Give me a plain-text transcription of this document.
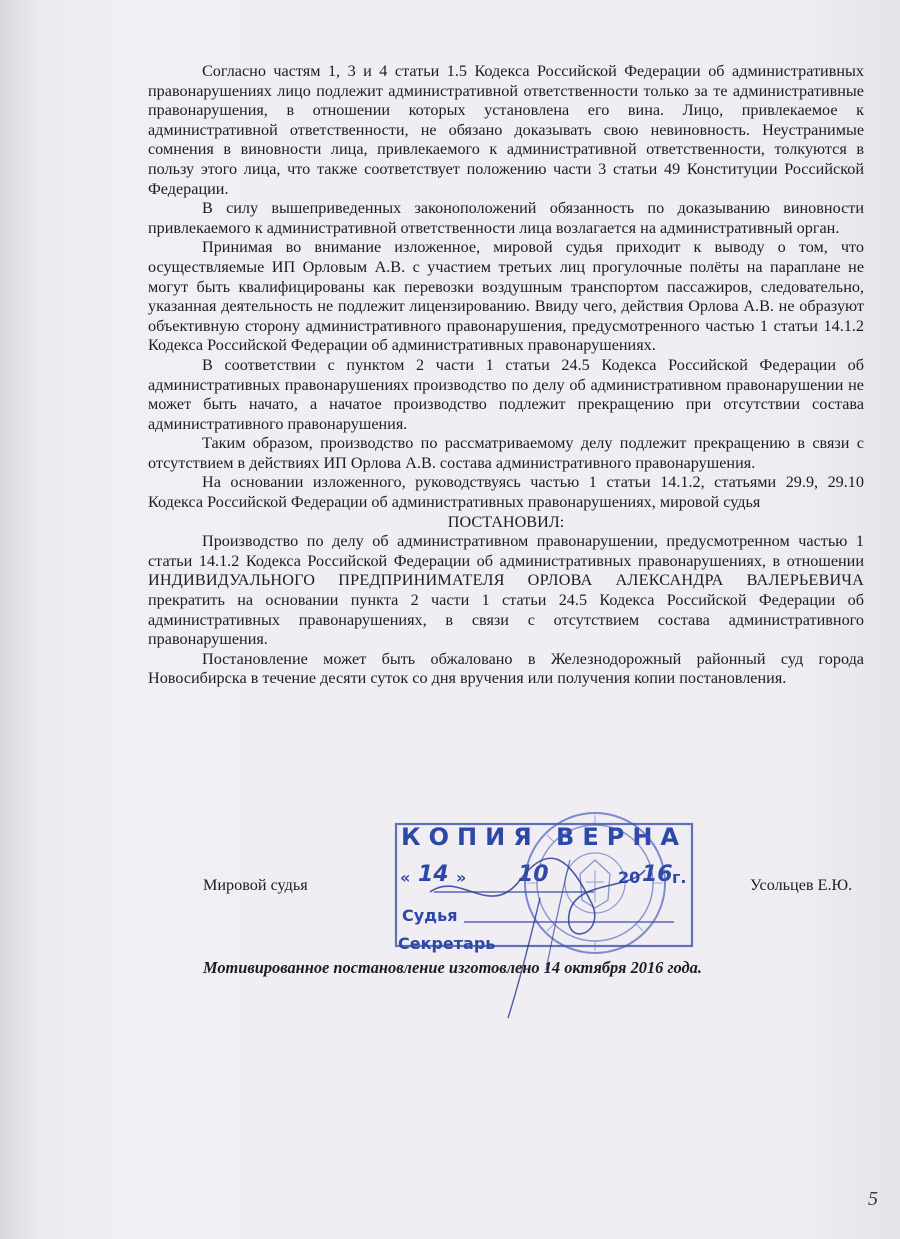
Согласно частям 1, 3 и 4 статьи 1.5 Кодекса Российской Федерации об административных правонарушениях лицо подлежит административной ответственности только за те административные правонарушения, в отношении которых установлена его вина. Лицо, привлекаемое к административной ответственности, не обязано доказывать свою невиновность. Неустранимые сомнения в виновности лица, привлекаемого к административной ответственности, толкуются в пользу этого лица, что также соответствует положению части 3 статьи 49 Конституции Российской Федерации.

В силу вышеприведенных законоположений обязанность по доказыванию виновности привлекаемого к административной ответственности лица возлагается на административный орган.

Принимая во внимание изложенное, мировой судья приходит к выводу о том, что осуществляемые ИП Орловым А.В. с участием третьих лиц прогулочные полёты на параплане не могут быть квалифицированы как перевозки воздушным транспортом пассажиров, следовательно, указанная деятельность не подлежит лицензированию. Ввиду чего, действия Орлова А.В. не образуют объективную сторону административного правонарушения, предусмотренного частью 1 статьи 14.1.2 Кодекса Российской Федерации об административных правонарушениях.

В соответствии с пунктом 2 части 1 статьи 24.5 Кодекса Российской Федерации об административных правонарушениях производство по делу об административном правонарушении не может быть начато, а начатое производство подлежит прекращению при отсутствии состава административного правонарушения.

Таким образом, производство по рассматриваемому делу подлежит прекращению в связи с отсутствием в действиях ИП Орлова А.В. состава административного правонарушения.

На основании изложенного, руководствуясь частью 1 статьи 14.1.2, статьями 29.9, 29.10 Кодекса Российской Федерации об административных правонарушениях, мировой судья

ПОСТАНОВИЛ:

Производство по делу об административном правонарушении, предусмотренном частью 1 статьи 14.1.2 Кодекса Российской Федерации об административных правонарушениях, в отношении ИНДИВИДУАЛЬНОГО ПРЕДПРИНИМАТЕЛЯ ОРЛОВА АЛЕКСАНДРА ВАЛЕРЬЕВИЧА прекратить на основании пункта 2 части 1 статьи 24.5 Кодекса Российской Федерации об административных правонарушениях, в связи с отсутствием состава административного правонарушения.

Постановление может быть обжаловано в Железнодорожный районный суд города Новосибирска в течение десяти суток со дня вручения или получения копии постановления.

Мировой судья	Усольцев Е.Ю.
КОПИЯ ВЕРНА
« 14 » 10	20 16 г.
Судья
Секретарь
Мотивированное постановление изготовлено 14 октября 2016 года.
5
